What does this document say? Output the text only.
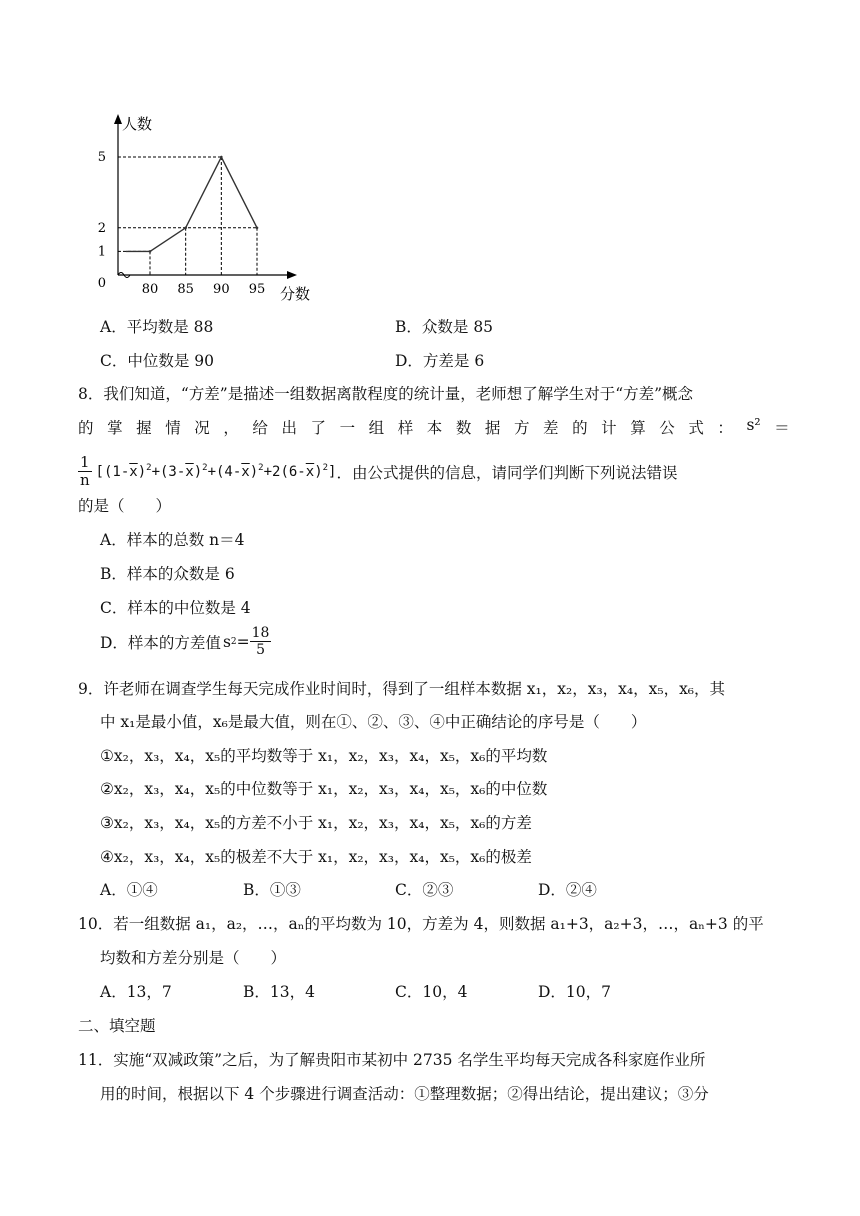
80 85 90 95
1
2
5
0
人数
分数
A．平均数是 88	B．众数是 85
C．中位数是 90	D．方差是 6
8．我们知道，“方差”是描述一组数据离散程度的统计量，老师想了解学生对于“方差”概念
的 掌 握 情 况 ， 给 出 了 一 组 样 本 数 据 方 差 的 计 算 公 式 ： s² ＝
$\frac{1}{n} [(1-\overline{x})^2+(3-\overline{x})^2+(4-\overline{x})^2+2(6-\overline{x})^2]$ ．由公式提供的信息，请同学们判断下列说法错误
的是（　　）
A．样本的总数 n＝4
B．样本的众数是 6
C．样本的中位数是 4
D．样本的方差值 s $2 = \frac{18}{5}$
9．许老师在调查学生每天完成作业时间时，得到了一组样本数据 x₁，x₂，x₃，x₄，x₅，x₆，其
中 x₁是最小值，x₆是最大值，则在①、②、③、④中正确结论的序号是（　　）
①x₂，x₃，x₄，x₅的平均数等于 x₁，x₂，x₃，x₄，x₅，x₆的平均数
②x₂，x₃，x₄，x₅的中位数等于 x₁，x₂，x₃，x₄，x₅，x₆的中位数
③x₂，x₃，x₄，x₅的方差不小于 x₁，x₂，x₃，x₄，x₅，x₆的方差
④x₂，x₃，x₄，x₅的极差不大于 x₁，x₂，x₃，x₄，x₅，x₆的极差
A．①④	B．①③	C．②③	D．②④
10．若一组数据 a₁，a₂，…，aₙ的平均数为 10，方差为 4，则数据 a₁+3，a₂+3，…，aₙ+3 的平
均数和方差分别是（　　）
A．13，7	B．13，4	C．10，4	D．10，7
二、填空题
11．实施“双减政策”之后，为了解贵阳市某初中 2735 名学生平均每天完成各科家庭作业所
用的时间，根据以下 4 个步骤进行调查活动：①整理数据；②得出结论，提出建议；③分
